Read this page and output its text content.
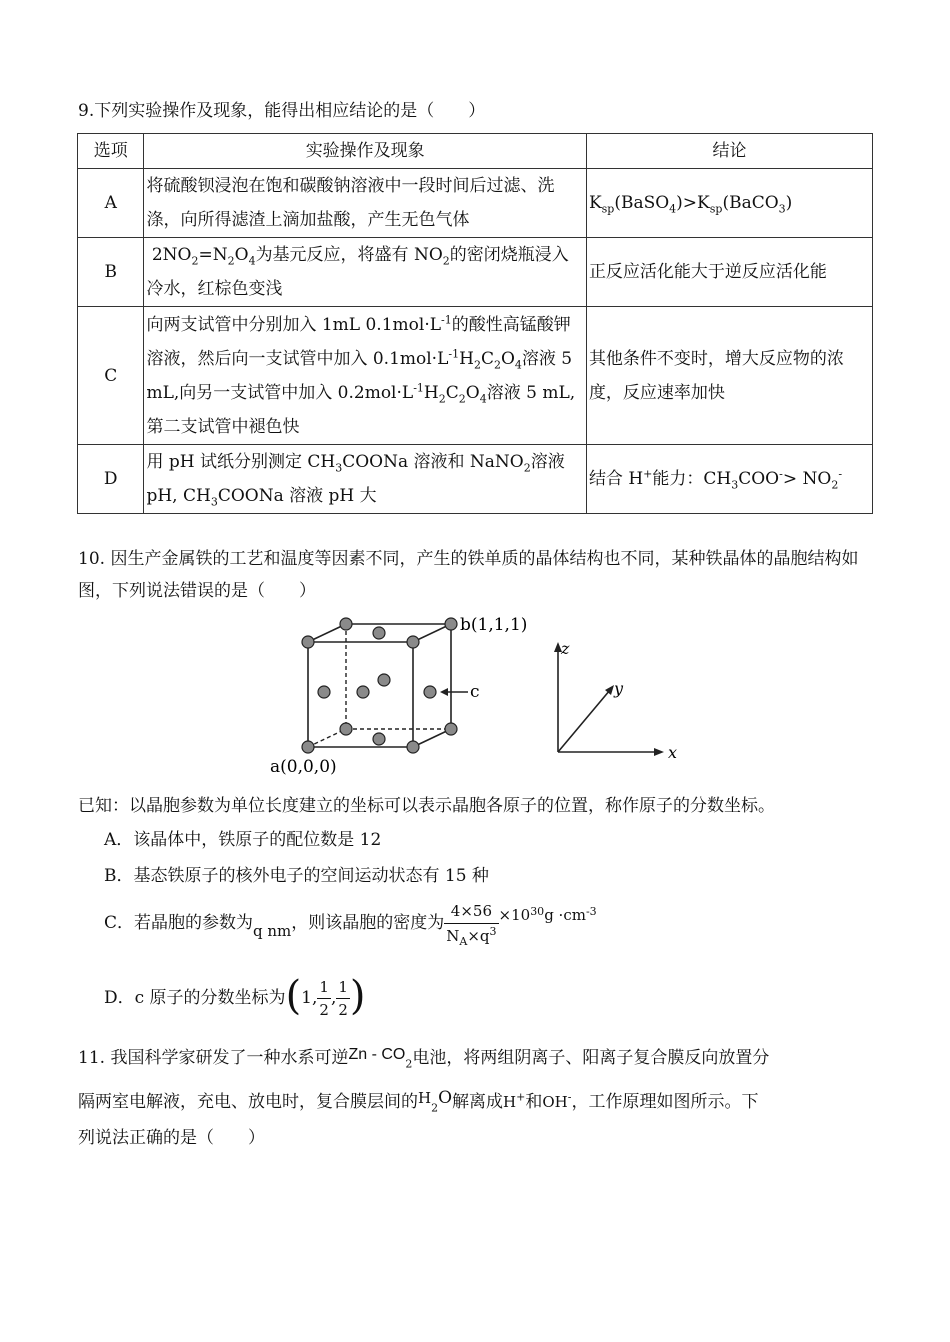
9.下列实验操作及现象，能得出相应结论的是（　　）
选项	实验操作及现象	结论
A	将硫酸钡浸泡在饱和碳酸钠溶液中一段时间后过滤、洗涤，向所得滤渣上滴加盐酸，产生无色气体	$K_{sp}(BaSO_4)>K_{sp}(BaCO_3)$
B	$2NO_2=N_2O_4$为基元反应，将盛有 $NO_2$的密闭烧瓶浸入冷水，红棕色变浅	正反应活化能大于逆反应活化能
C	向两支试管中分别加入 1mL $0.1mol\cdot L^{-1}$的酸性高锰酸钾溶液，然后向一支试管中加入 $0.1mol\cdot L^{-1}H_2C_2O_4$溶液 5 mL,向另一支试管中加入 $0.2mol\cdot L^{-1}H_2C_2O_4$溶液 5 mL,第二支试管中褪色快	其他条件不变时，增大反应物的浓度，反应速率加快
D	用 pH 试纸分别测定 $CH_3COONa$ 溶液和 NaNO$_2$溶液 pH, $CH_3COONa$ 溶液 pH 大	结合 H+能力：$CH_3COO^-> NO_2^-$
10. 因生产金属铁的工艺和温度等因素不同，产生的铁单质的晶体结构也不同，某种铁晶体的晶胞结构如图，下列说法错误的是（　　）
c
b(1,1,1)
a(0,0,0)
z
x
y
已知：以晶胞参数为单位长度建立的坐标可以表示晶胞各原子的位置，称作原子的分数坐标。
A．该晶体中，铁原子的配位数是 12
B．基态铁原子的核外电子的空间运动状态有 15 种
C．若晶胞的参数为q nm，则该晶胞的密度为 $\frac{4\times 56}{N_A\times q^3} \times 10^{30}g \cdot cm^{-3}$
D．c 原子的分数坐标为(1, $\frac{1}{2}$ , $\frac{1}{2}$ )
11. 我国科学家研发了一种水系可逆Zn - $CO_2$电池，将两组阴离子、阳离子复合膜反向放置分
隔两室电解液，充电、放电时，复合膜层间的$H_2O$解离成H+和OH-，工作原理如图所示。下
列说法正确的是（　　）
